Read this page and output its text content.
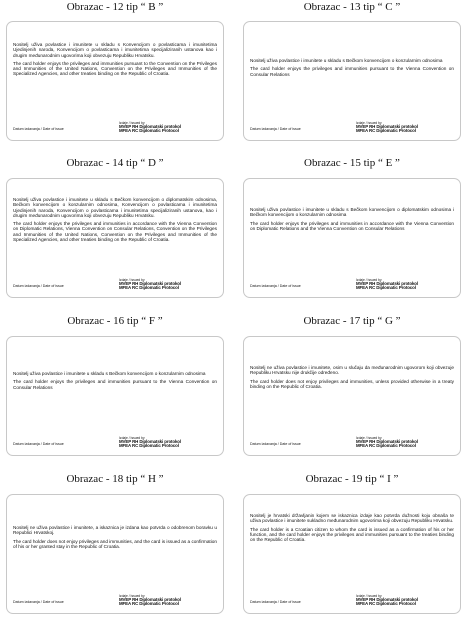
Obrazac - 12 tip “ B ”

Nositelj uživa povlastice i imunitete u skladu s Konvencijom o povlasticama i imunitetima Ujedinjenih naroda, Konvencijom o povlasticama i imunitetima specijaliziranih ustanova kao i drugim međunarodnim ugovorima koji obvezuju Republiku Hrvatsku.

The card holder enjoys the privileges and immunities pursuant to the Convention on the Privileges and Immunities of the United Nations, Convention on the Privileges and Immunities of the Specialized Agencies, and other treaties binding on the Republic of Croatia.

Datum izdavanja / Date of issue
Izdaje / Issued by
MVEP RH Diplomatski protokol
MFEA RC Diplomatic Protocol
Obrazac - 14 tip “ D ”

Nositelj uživa povlastice i imunitete u skladu s Bečkom konvencijom o diplomatskim odnosima, Bečkom konvencijom o konzularnim odnosima, Konvencijom o povlasticama i imunitetima Ujedinjenih naroda, Konvencijom o povlasticama i imunitetima specijaliziranih ustanova, kao i drugim međunarodnim ugovorima koji obvezuju Republiku Hrvatsku.

The card holder enjoys the privileges and immunities in accordance with the Vienna Convention on Diplomatic Relations, Vienna Convention on Consular Relations, Convention on the Privileges and Immunities of the United Nations, Convention on the Privileges and Immunities of the Specialized Agencies, and other treaties binding on the Republic of Croatia.

Datum izdavanja / Date of issue
Izdaje / Issued by
MVEP RH Diplomatski protokol
MFEA RC Diplomatic Protocol
Obrazac - 16 tip “ F ”

Nositelj uživa povlastice i imunitete u skladu s Bečkom konvencijom o konzularnim odnosima

The card holder enjoys the privileges and immunities pursuant to the Vienna Convention on Consular Relations

Datum izdavanja / Date of issue
Izdaje / Issued by
MVEP RH Diplomatski protokol
MFEA RC Diplomatic Protocol
Obrazac - 18 tip “ H ”

Nositelj ne uživa povlastice i imunitete, a iskaznica je izdana kao potvrda o odobrenom boravku u Republici Hrvatskoj.

The card holder does not enjoy privileges and immunities, and the card is issued as a confirmation of his or her granted stay in the Republic of Croatia.

Datum izdavanja / Date of issue
Izdaje / Issued by
MVEP RH Diplomatski protokol
MFEA RC Diplomatic Protocol
Obrazac - 13 tip “ C ”

Nositelj uživa povlastice i imunitete u skladu s Bečkom konvencijom o konzularnim odnosima

The card holder enjoys the privileges and immunities pursuant to the Vienna Convention on Consular Relations

Datum izdavanja / Date of issue
Izdaje / Issued by
MVEP RH Diplomatski protokol
MFEA RC Diplomatic Protocol
Obrazac - 15 tip “ E ”

Nositelj uživa povlastice i imunitete u skladu s Bečkom konvencijom o diplomatskim odnosima i Bečkom konvencijom o konzularnim odnosima

The card holder enjoys the privileges and immunities in accordance with the Vienna Convention on Diplomatic Relations and the Vienna Convention on Consular Relations

Datum izdavanja / Date of issue
Izdaje / Issued by
MVEP RH Diplomatski protokol
MFEA RC Diplomatic Protocol
Obrazac - 17 tip “ G ”

Nositelj ne uživa povlastice i imunitete, osim u slučaju da međunarodnim ugovorom koji obvezuje Republiku Hrvatsku nije drukčije određeno.

The card holder does not enjoy privileges and immunities, unless provided otherwise in a treaty binding on the Republic of Croatia.

Datum izdavanja / Date of issue
Izdaje / Issued by
MVEP RH Diplomatski protokol
MFEA RC Diplomatic Protocol
Obrazac - 19 tip “ I ”

Nositelj je hrvatski državljanin kojem se iskaznica izdaje kao potvrda dužnosti koju obnaša te uživa povlastice i imunitete sukladno međunarodnim ugovorima koji obvezuju Republiku Hrvatsku.

The card holder is a Croatian citizen to whom the card is issued as a confirmation of his or her function, and the card holder enjoys the privileges and immunities pursuant to the treaties binding on the Republic of Croatia.

Datum izdavanja / Date of issue
Izdaje / Issued by
MVEP RH Diplomatski protokol
MFEA RC Diplomatic Protocol
